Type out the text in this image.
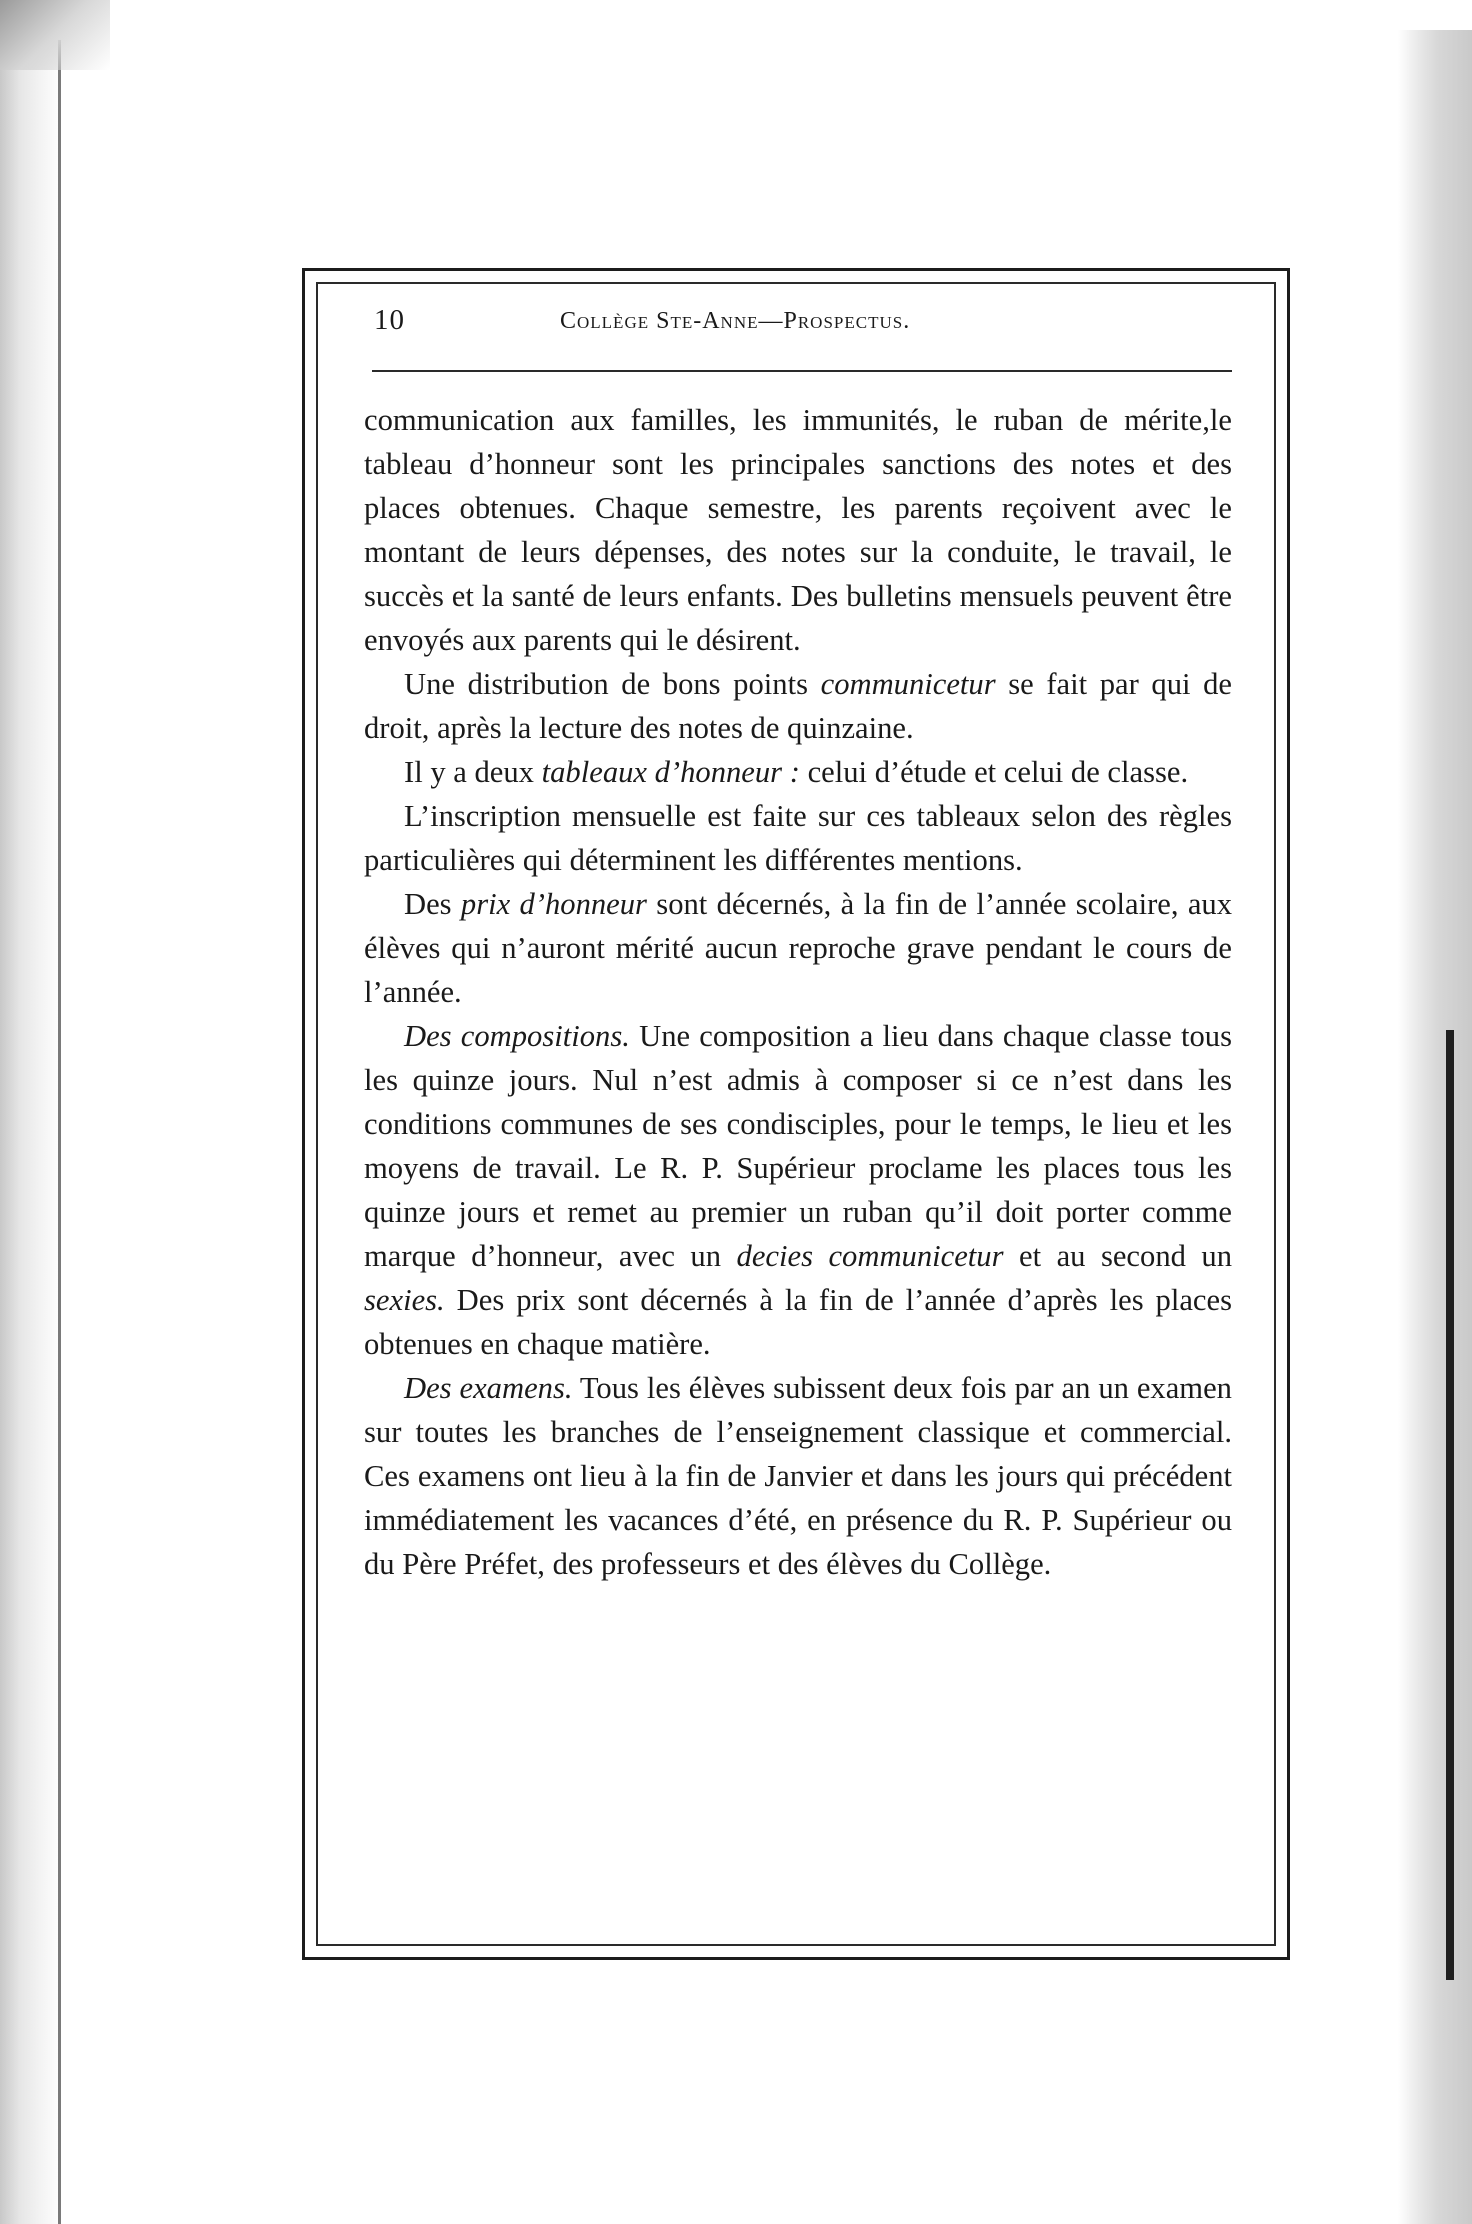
10	Collège Ste-Anne—Prospectus.

communication aux familles, les immunités, le ruban de mérite,le tableau d’honneur sont les principales sanctions des notes et des places obtenues. Chaque semestre, les parents reçoivent avec le montant de leurs dépenses, des notes sur la conduite, le travail, le succès et la santé de leurs enfants. Des bulletins mensuels peuvent être envoyés aux parents qui le désirent.

Une distribution de bons points communicetur se fait par qui de droit, après la lecture des notes de quinzaine.

Il y a deux tableaux d’honneur : celui d’étude et celui de classe.

L’inscription mensuelle est faite sur ces tableaux selon des règles particulières qui déterminent les différentes mentions.

Des prix d’honneur sont décernés, à la fin de l’année scolaire, aux élèves qui n’auront mérité aucun reproche grave pendant le cours de l’année.

Des compositions. Une composition a lieu dans chaque classe tous les quinze jours. Nul n’est admis à composer si ce n’est dans les conditions communes de ses condisciples, pour le temps, le lieu et les moyens de travail. Le R. P. Supérieur proclame les places tous les quinze jours et remet au premier un ruban qu’il doit porter comme marque d’honneur, avec un decies communicetur et au second un sexies. Des prix sont décernés à la fin de l’année d’après les places obtenues en chaque matière.

Des examens. Tous les élèves subissent deux fois par an un examen sur toutes les branches de l’enseignement classique et commercial. Ces examens ont lieu à la fin de Janvier et dans les jours qui précédent immédiatement les vacances d’été, en présence du R. P. Supérieur ou du Père Préfet, des professeurs et des élèves du Collège.
